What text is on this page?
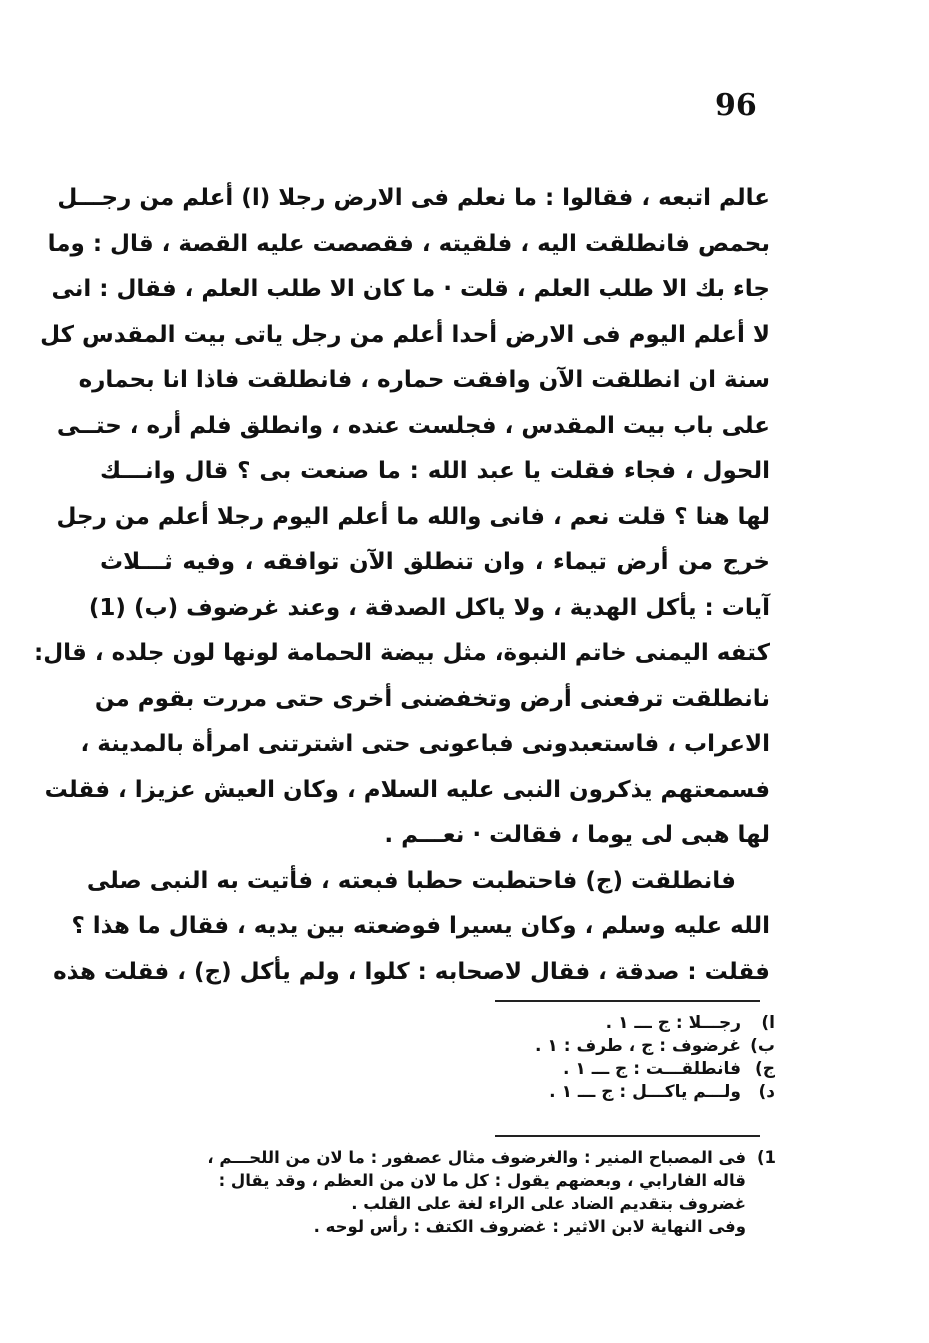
96
عالم اتبعه ، فقالوا : ما نعلم فى الارض رجلا (ا) أعلم من رجـــل
بحمص فانطلقت اليه ، فلقيته ، فقصصت عليه القصة ، قال : وما
جاء بك الا طلب العلم ، قلت · ما كان الا طلب العلم ، فقال : انى
لا أعلم اليوم فى الارض أحدا أعلم من رجل ياتى بيت المقدس كل
سنة ان انطلقت الآن وافقت حماره ، فانطلقت فاذا انا بحماره
على باب بيت المقدس ، فجلست عنده ، وانطلق فلم أره ، حتــى
الحول ، فجاء فقلت يا عبد الله : ما صنعت بى ؟ قال وانـــك
لها هنا ؟ قلت نعم ، فانى والله ما أعلم اليوم رجلا أعلم من رجل
خرج من أرض تيماء ، وان تنطلق الآن توافقه ، وفيه ثـــلاث
آيات : يأكل الهدية ، ولا ياكل الصدقة ، وعند غرضوف (ب) (1)
كتفه اليمنى خاتم النبوة، مثل بيضة الحمامة لونها لون جلده ، قال:
نانطلقت ترفعنى أرض وتخفضنى أخرى حتى مررت بقوم من
الاعراب ، فاستعبدونى فباعونى حتى اشترتنى امرأة بالمدينة ،
فسمعتهم يذكرون النبى عليه السلام ، وكان العيش عزيزا ، فقلت
لها هبى لى يوما ، فقالت · نعـــم .
فانطلقت (ج) فاحتطبت حطبا فبعته ، فأتيت به النبى صلى
الله عليه وسلم ، وكان يسيرا فوضعته بين يديه ، فقال ما هذا ؟
فقلت : صدقة ، فقال لاصحابه : كلوا ، ولم يأكل (ج) ، فقلت هذه
ا)
رجـــلا : ج ـــ ١ .
ب)
غرضوف : ج ، طرف : ١ .
ج)
فانطلقـــت : ج ـــ ١ .
د)
ولـــم ياكـــل : ج ـــ ١ .
1)
فى المصباح المنير : والغرضوف مثال عصفور : ما لان من اللحـــم ،
قاله الفارابي ، وبعضهم يقول : كل ما لان من العظم ، وقد يقال :
غضروف بتقديم الضاد على الراء لغة على القلب .
وفى النهاية لابن الاثير : غضروف الكتف : رأس لوحه .
